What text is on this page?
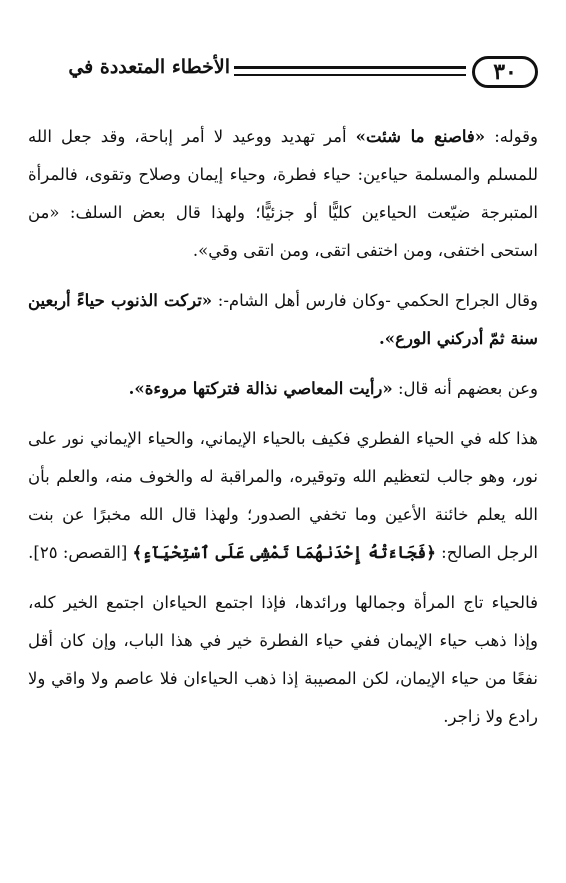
٣٠
الأخطاء المتعددة في

وقوله: «فاصنع ما شئت» أمر تهديد ووعيد لا أمر إباحة، وقد جعل الله للمسلم والمسلمة حياءين: حياء فطرة، وحياء إيمان وصلاح وتقوى، فالمرأة المتبرجة ضيّعت الحياءين كليًّا أو جزئيًّا؛ ولهذا قال بعض السلف: «من استحى اختفى، ومن اختفى اتقى، ومن اتقى وقي».

وقال الجراح الحكمي -وكان فارس أهل الشام-: «تركت الذنوب حياءً أربعين سنة ثمّ أدركني الورع».

وعن بعضهم أنه قال: «رأيت المعاصي نذالة فتركتها مروءة».

هذا كله في الحياء الفطري فكيف بالحياء الإيماني، والحياء الإيماني نور على نور، وهو جالب لتعظيم الله وتوقيره، والمراقبة له والخوف منه، والعلم بأن الله يعلم خائنة الأعين وما تخفي الصدور؛ ولهذا قال الله مخبرًا عن بنت الرجل الصالح: ﴿فَجَاءَتْهُ إِحْدَىٰهُمَا تَمْشِى عَلَى ٱسْتِحْيَآءٍ﴾ [القصص: ٢٥].

فالحياء تاج المرأة وجمالها ورائدها، فإذا اجتمع الحياءان اجتمع الخير كله، وإذا ذهب حياء الإيمان ففي حياء الفطرة خير في هذا الباب، وإن كان أقل نفعًا من حياء الإيمان، لكن المصيبة إذا ذهب الحياءان فلا عاصم ولا واقي ولا رادع ولا زاجر.
